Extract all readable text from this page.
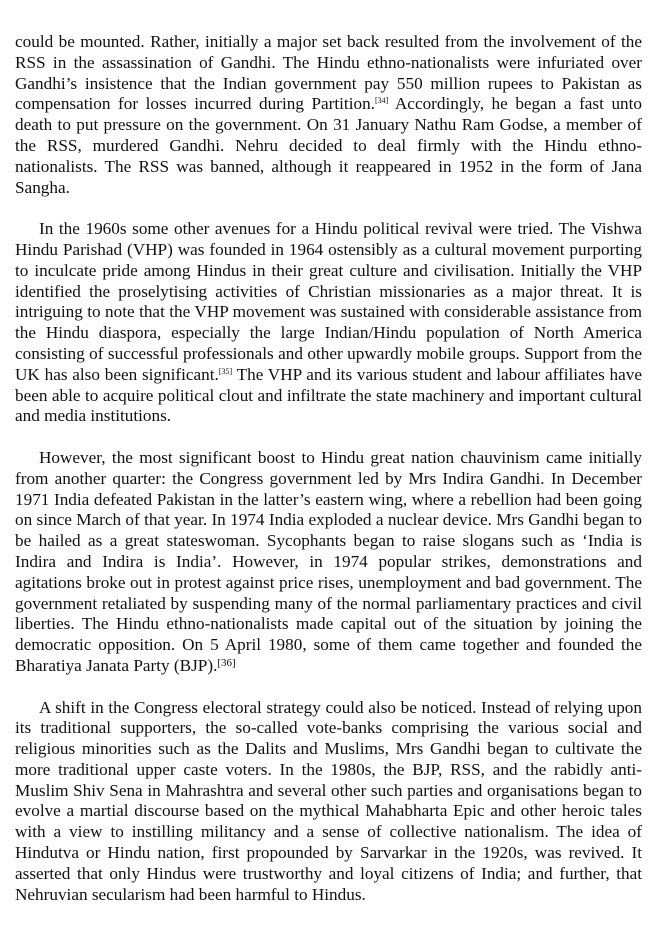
could be mounted. Rather, initially a major set back resulted from the involvement of the RSS in the assassination of Gandhi. The Hindu ethno-nationalists were infuriated over Gandhi’s insistence that the Indian government pay 550 million rupees to Pakistan as compensation for losses incurred during Partition.[34] Accordingly, he began a fast unto death to put pressure on the government. On 31 January Nathu Ram Godse, a member of the RSS, murdered Gandhi. Nehru decided to deal firmly with the Hindu ethno-nationalists. The RSS was banned, although it reappeared in 1952 in the form of Jana Sangha.

In the 1960s some other avenues for a Hindu political revival were tried. The Vishwa Hindu Parishad (VHP) was founded in 1964 ostensibly as a cultural movement purporting to inculcate pride among Hindus in their great culture and civilisation. Initially the VHP identified the proselytising activities of Christian missionaries as a major threat. It is intriguing to note that the VHP movement was sustained with considerable assistance from the Hindu diaspora, especially the large Indian/Hindu population of North America consisting of successful professionals and other upwardly mobile groups. Support from the UK has also been significant.[35] The VHP and its various student and labour affiliates have been able to acquire political clout and infiltrate the state machinery and important cultural and media institutions.

However, the most significant boost to Hindu great nation chauvinism came initially from another quarter: the Congress government led by Mrs Indira Gandhi. In December 1971 India defeated Pakistan in the latter’s eastern wing, where a rebellion had been going on since March of that year. In 1974 India exploded a nuclear device. Mrs Gandhi began to be hailed as a great stateswoman. Sycophants began to raise slogans such as ‘India is Indira and Indira is India’. However, in 1974 popular strikes, demonstrations and agitations broke out in protest against price rises, unemployment and bad government. The government retaliated by suspending many of the normal parliamentary practices and civil liberties. The Hindu ethno-nationalists made capital out of the situation by joining the democratic opposition. On 5 April 1980, some of them came together and founded the Bharatiya Janata Party (BJP).[36]

A shift in the Congress electoral strategy could also be noticed. Instead of relying upon its traditional supporters, the so-called vote-banks comprising the various social and religious minorities such as the Dalits and Muslims, Mrs Gandhi began to cultivate the more traditional upper caste voters. In the 1980s, the BJP, RSS, and the rabidly anti-Muslim Shiv Sena in Mahrashtra and several other such parties and organisations began to evolve a martial discourse based on the mythical Mahabharta Epic and other heroic tales with a view to instilling militancy and a sense of collective nationalism. The idea of Hindutva or Hindu nation, first propounded by Sarvarkar in the 1920s, was revived. It asserted that only Hindus were trustworthy and loyal citizens of India; and further, that Nehruvian secularism had been harmful to Hindus.
